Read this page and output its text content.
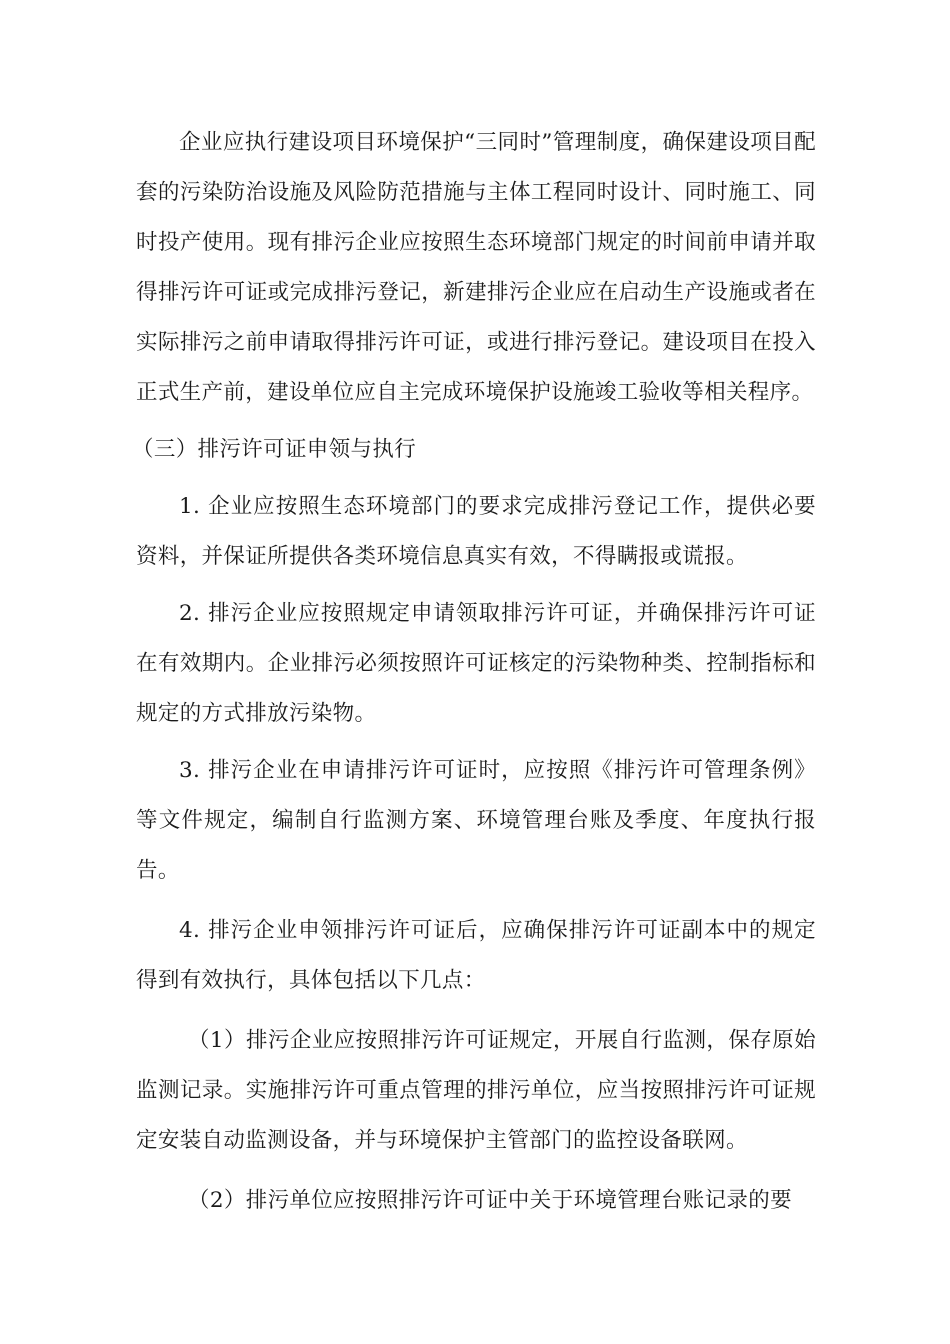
企业应执行建设项目环境保护“三同时”管理制度，确保建设项目配套的污染防治设施及风险防范措施与主体工程同时设计、同时施工、同时投产使用。现有排污企业应按照生态环境部门规定的时间前申请并取得排污许可证或完成排污登记，新建排污企业应在启动生产设施或者在实际排污之前申请取得排污许可证，或进行排污登记。建设项目在投入正式生产前，建设单位应自主完成环境保护设施竣工验收等相关程序。

（三）排污许可证申领与执行

1. 企业应按照生态环境部门的要求完成排污登记工作，提供必要资料，并保证所提供各类环境信息真实有效，不得瞒报或谎报。

2. 排污企业应按照规定申请领取排污许可证，并确保排污许可证在有效期内。企业排污必须按照许可证核定的污染物种类、控制指标和规定的方式排放污染物。

3. 排污企业在申请排污许可证时，应按照《排污许可管理条例》等文件规定，编制自行监测方案、环境管理台账及季度、年度执行报告。

4. 排污企业申领排污许可证后，应确保排污许可证副本中的规定得到有效执行，具体包括以下几点：

（1）排污企业应按照排污许可证规定，开展自行监测，保存原始监测记录。实施排污许可重点管理的排污单位，应当按照排污许可证规定安装自动监测设备，并与环境保护主管部门的监控设备联网。

（2）排污单位应按照排污许可证中关于环境管理台账记录的要
